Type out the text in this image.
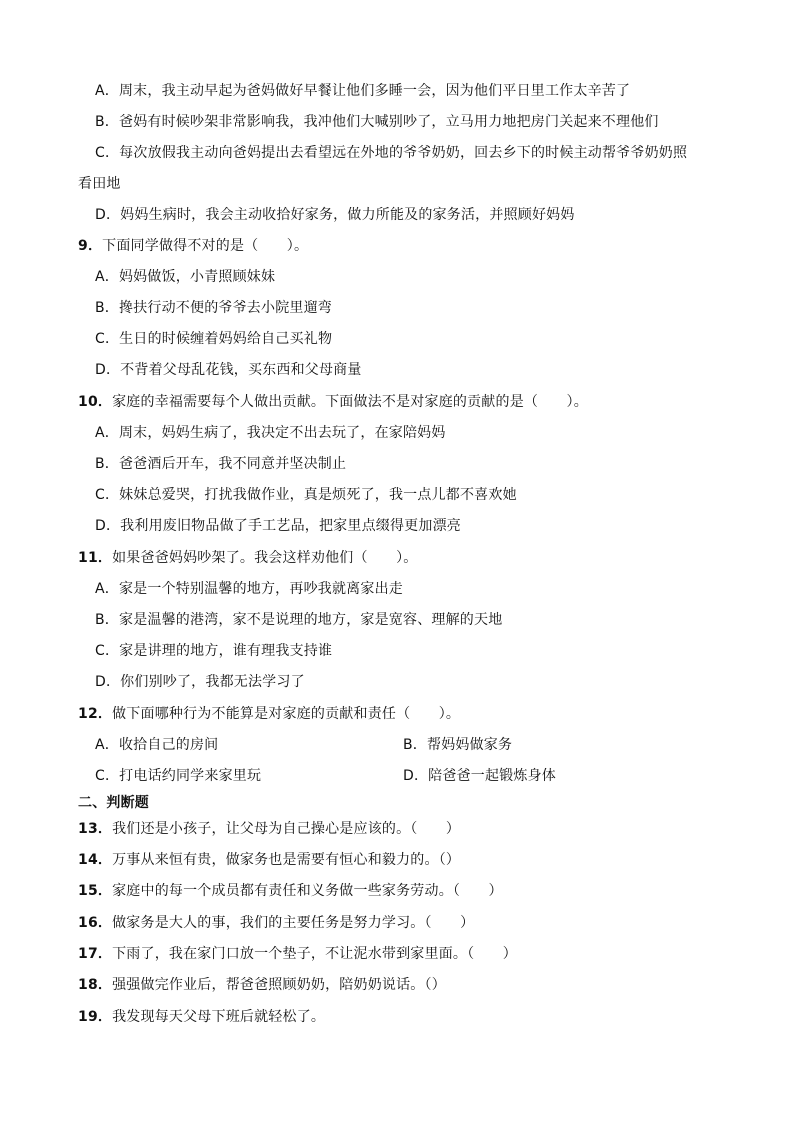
A．周末，我主动早起为爸妈做好早餐让他们多睡一会，因为他们平日里工作太辛苦了
B．爸妈有时候吵架非常影响我，我冲他们大喊别吵了，立马用力地把房门关起来不理他们
C．每次放假我主动向爸妈提出去看望远在外地的爷爷奶奶，回去乡下的时候主动帮爷爷奶奶照
看田地
D．妈妈生病时，我会主动收拾好家务，做力所能及的家务活，并照顾好妈妈
9．下面同学做得不对的是（　　）。
A．妈妈做饭，小青照顾妹妹
B．搀扶行动不便的爷爷去小院里遛弯
C．生日的时候缠着妈妈给自己买礼物
D．不背着父母乱花钱，买东西和父母商量
10．家庭的幸福需要每个人做出贡献。下面做法不是对家庭的贡献的是（　　）。
A．周末，妈妈生病了，我决定不出去玩了，在家陪妈妈
B．爸爸酒后开车，我不同意并坚决制止
C．妹妹总爱哭，打扰我做作业，真是烦死了，我一点儿都不喜欢她
D．我利用废旧物品做了手工艺品，把家里点缀得更加漂亮
11．如果爸爸妈妈吵架了。我会这样劝他们（　　）。
A．家是一个特别温馨的地方，再吵我就离家出走
B．家是温馨的港湾，家不是说理的地方，家是宽容、理解的天地
C．家是讲理的地方，谁有理我支持谁
D．你们别吵了，我都无法学习了
12．做下面哪种行为不能算是对家庭的贡献和责任（　　）。
A．收拾自己的房间	B．帮妈妈做家务
C．打电话约同学来家里玩	D．陪爸爸一起锻炼身体
二、判断题
13．我们还是小孩子，让父母为自己操心是应该的。（　　）
14．万事从来恒有贵，做家务也是需要有恒心和毅力的。（）
15．家庭中的每一个成员都有责任和义务做一些家务劳动。（　　）
16．做家务是大人的事，我们的主要任务是努力学习。（　　）
17．下雨了，我在家门口放一个垫子，不让泥水带到家里面。（　　）
18．强强做完作业后，帮爸爸照顾奶奶，陪奶奶说话。（）
19．我发现每天父母下班后就轻松了。
